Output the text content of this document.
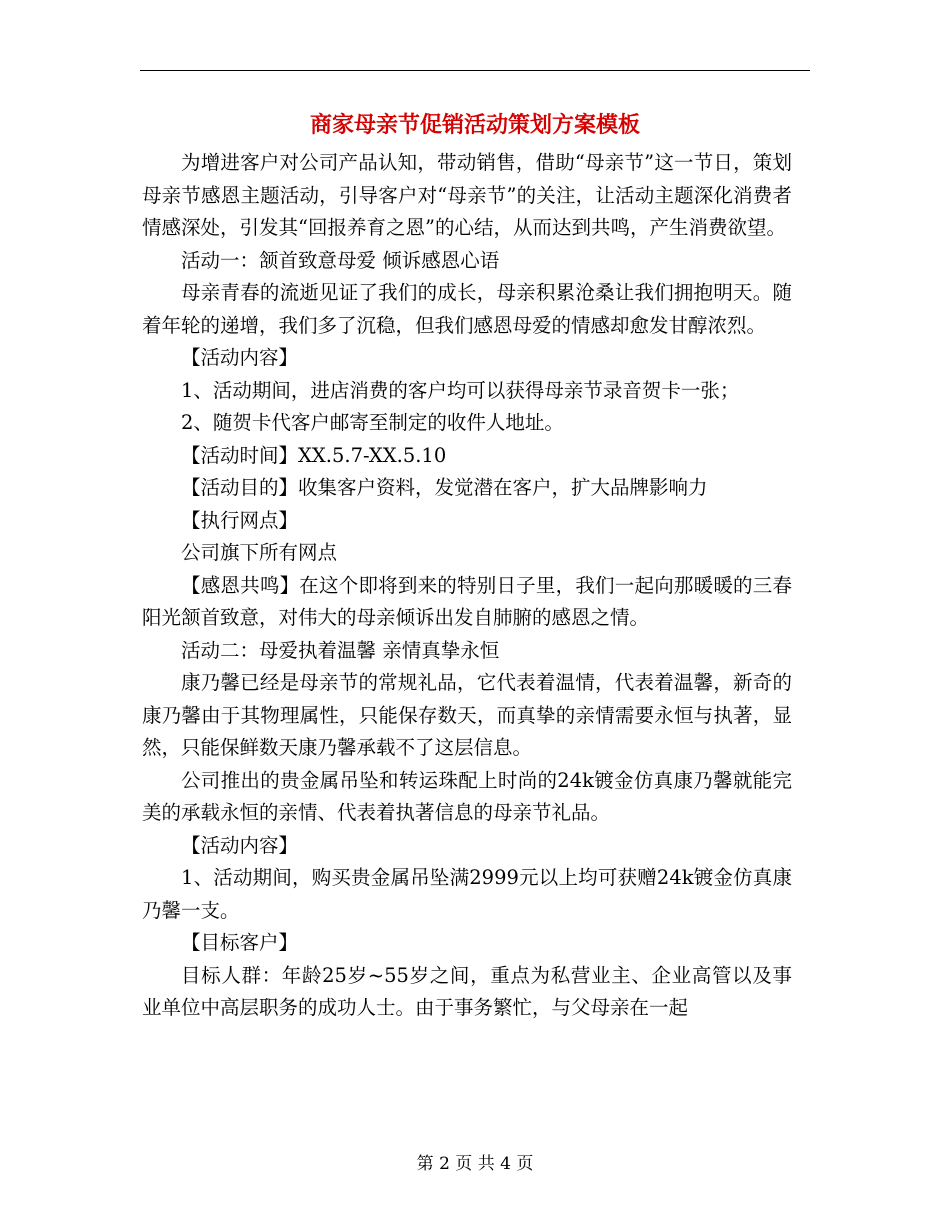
商家母亲节促销活动策划方案模板

为增进客户对公司产品认知，带动销售，借助“母亲节”这一节日，策划母亲节感恩主题活动，引导客户对“母亲节”的关注，让活动主题深化消费者情感深处，引发其“回报养育之恩”的心结，从而达到共鸣，产生消费欲望。

活动一：颔首致意母爱 倾诉感恩心语

母亲青春的流逝见证了我们的成长，母亲积累沧桑让我们拥抱明天。随着年轮的递增，我们多了沉稳，但我们感恩母爱的情感却愈发甘醇浓烈。

【活动内容】

1、活动期间，进店消费的客户均可以获得母亲节录音贺卡一张；

2、随贺卡代客户邮寄至制定的收件人地址。

【活动时间】XX.5.7-XX.5.10

【活动目的】收集客户资料，发觉潜在客户，扩大品牌影响力

【执行网点】

公司旗下所有网点

【感恩共鸣】在这个即将到来的特别日子里，我们一起向那暖暖的三春阳光颔首致意，对伟大的母亲倾诉出发自肺腑的感恩之情。

活动二：母爱执着温馨 亲情真挚永恒

康乃馨已经是母亲节的常规礼品，它代表着温情，代表着温馨，新奇的康乃馨由于其物理属性，只能保存数天，而真挚的亲情需要永恒与执著，显然，只能保鲜数天康乃馨承载不了这层信息。

公司推出的贵金属吊坠和转运珠配上时尚的24k镀金仿真康乃馨就能完美的承载永恒的亲情、代表着执著信息的母亲节礼品。

【活动内容】

1、活动期间，购买贵金属吊坠满2999元以上均可获赠24k镀金仿真康乃馨一支。

【目标客户】

目标人群：年龄25岁~55岁之间，重点为私营业主、企业高管以及事业单位中高层职务的成功人士。由于事务繁忙，与父母亲在一起

第 2 页 共 4 页
